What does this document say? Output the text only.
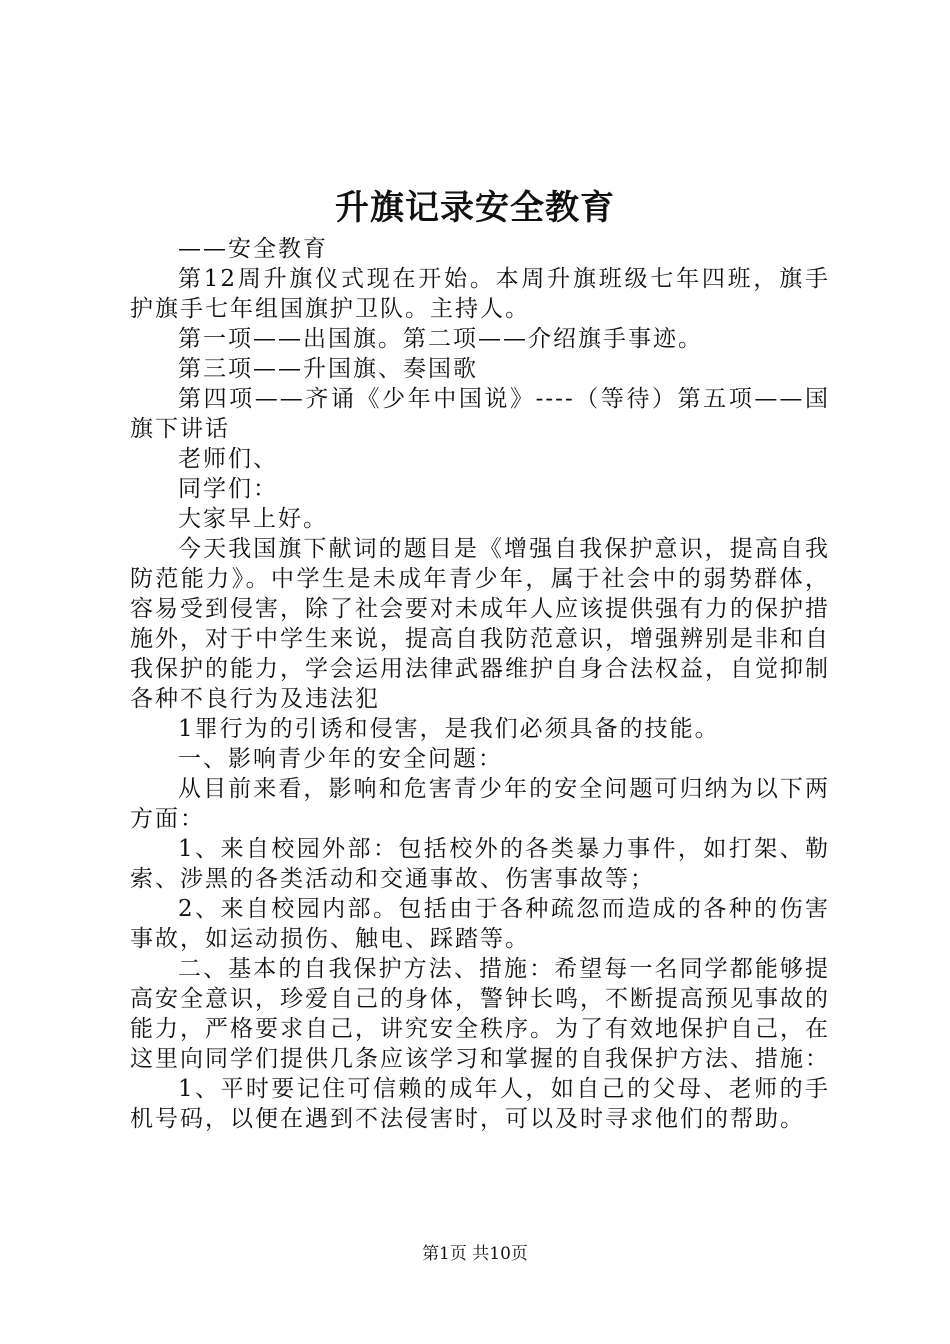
升旗记录安全教育

——安全教育

第12周升旗仪式现在开始。本周升旗班级七年四班，旗手护旗手七年组国旗护卫队。主持人。

第一项——出国旗。第二项——介绍旗手事迹。

第三项——升国旗、奏国歌

第四项——齐诵《少年中国说》----（等待）第五项——国旗下讲话

老师们、

同学们：

大家早上好。

今天我国旗下献词的题目是《增强自我保护意识，提高自我防范能力》。中学生是未成年青少年，属于社会中的弱势群体，容易受到侵害，除了社会要对未成年人应该提供强有力的保护措施外，对于中学生来说，提高自我防范意识，增强辨别是非和自我保护的能力，学会运用法律武器维护自身合法权益，自觉抑制各种不良行为及违法犯

1罪行为的引诱和侵害，是我们必须具备的技能。

一、影响青少年的安全问题：

从目前来看，影响和危害青少年的安全问题可归纳为以下两方面：

1、来自校园外部：包括校外的各类暴力事件，如打架、勒索、涉黑的各类活动和交通事故、伤害事故等；

2、来自校园内部。包括由于各种疏忽而造成的各种的伤害事故，如运动损伤、触电、踩踏等。

二、基本的自我保护方法、措施：希望每一名同学都能够提高安全意识，珍爱自己的身体，警钟长鸣，不断提高预见事故的能力，严格要求自己，讲究安全秩序。为了有效地保护自己，在这里向同学们提供几条应该学习和掌握的自我保护方法、措施：

1、平时要记住可信赖的成年人，如自己的父母、老师的手机号码，以便在遇到不法侵害时，可以及时寻求他们的帮助。

第1页 共10页
